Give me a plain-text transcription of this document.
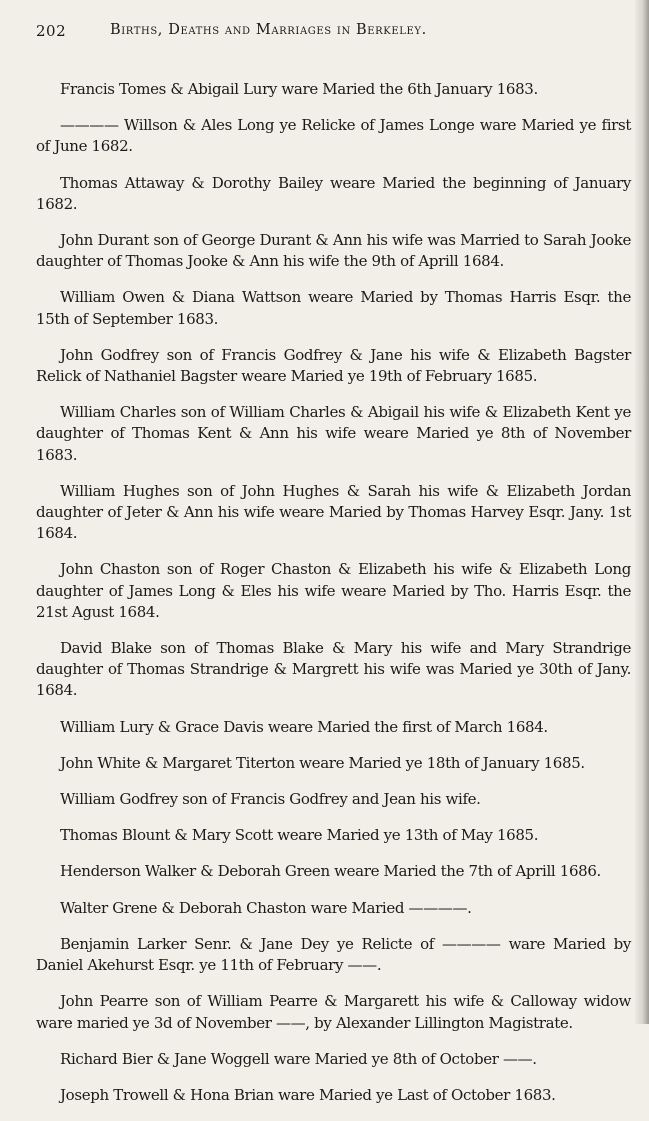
202	Births, Deaths and Marriages in Berkeley.

Francis Tomes & Abigail Lury ware Maried the 6th January 1683.

———— Willson & Ales Long ye Relicke of James Longe ware Maried ye first of June 1682.

Thomas Attaway & Dorothy Bailey weare Maried the beginning of January 1682.

John Durant son of George Durant & Ann his wife was Married to Sarah Jooke daughter of Thomas Jooke & Ann his wife the 9th of Aprill 1684.

William Owen & Diana Wattson weare Maried by Thomas Harris Esqr. the 15th of September 1683.

John Godfrey son of Francis Godfrey & Jane his wife & Elizabeth Bagster Relick of Nathaniel Bagster weare Maried ye 19th of February 1685.

William Charles son of William Charles & Abigail his wife & Elizabeth Kent ye daughter of Thomas Kent & Ann his wife weare Maried ye 8th of November 1683.

William Hughes son of John Hughes & Sarah his wife & Elizabeth Jordan daughter of Jeter & Ann his wife weare Maried by Thomas Harvey Esqr. Jany. 1st 1684.

John Chaston son of Roger Chaston & Elizabeth his wife & Elizabeth Long daughter of James Long & Eles his wife weare Maried by Tho. Harris Esqr. the 21st Agust 1684.

David Blake son of Thomas Blake & Mary his wife and Mary Strandrige daughter of Thomas Strandrige & Margrett his wife was Maried ye 30th of Jany. 1684.

William Lury & Grace Davis weare Maried the first of March 1684.

John White & Margaret Titerton weare Maried ye 18th of January 1685.

William Godfrey son of Francis Godfrey and Jean his wife.

Thomas Blount & Mary Scott weare Maried ye 13th of May 1685.

Henderson Walker & Deborah Green weare Maried the 7th of Aprill 1686.

Walter Grene & Deborah Chaston ware Maried ————.

Benjamin Larker Senr. & Jane Dey ye Relicte of ———— ware Maried by Daniel Akehurst Esqr. ye 11th of February ——.

John Pearre son of William Pearre & Margarett his wife & Calloway widow ware maried ye 3d of November ——, by Alexander Lillington Magistrate.

Richard Bier & Jane Woggell ware Maried ye 8th of October ——.

Joseph Trowell & Hona Brian ware Maried ye Last of October 1683.
